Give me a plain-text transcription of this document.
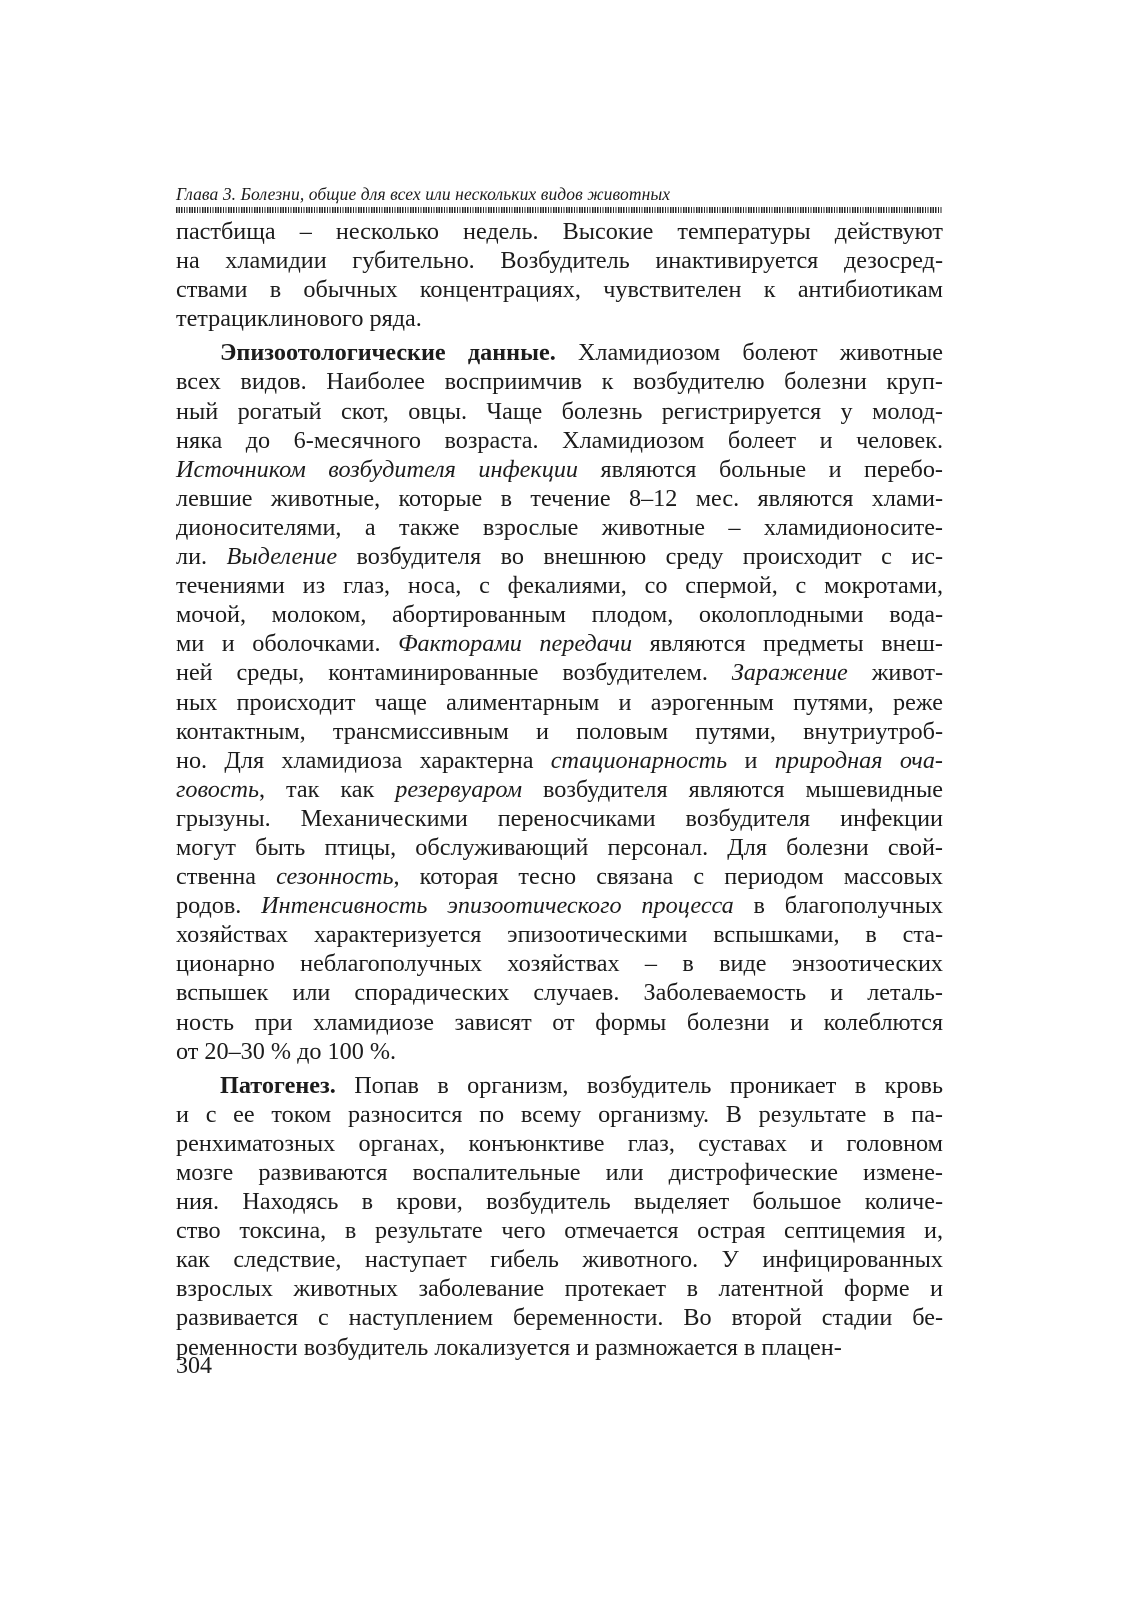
Глава 3. Болезни, общие для всех или нескольких видов животных

пастбища – несколько недель. Высокие температуры действуют

на хламидии губительно. Возбудитель инактивируется дезосред-

ствами в обычных концентрациях, чувствителен к антибиотикам

тетрациклинового ряда.

Эпизоотологические данные. Хламидиозом болеют животные

всех видов. Наиболее восприимчив к возбудителю болезни круп-

ный рогатый скот, овцы. Чаще болезнь регистрируется у молод-

няка до 6-месячного возраста. Хламидиозом болеет и человек.

Источником возбудителя инфекции являются больные и перебо-

левшие животные, которые в течение 8–12 мес. являются хлами-

дионосителями, а также взрослые животные – хламидионосите-

ли. Выделение возбудителя во внешнюю среду происходит с ис-

течениями из глаз, носа, с фекалиями, со спермой, с мокротами,

мочой, молоком, абортированным плодом, околоплодными вода-

ми и оболочками. Факторами передачи являются предметы внеш-

ней среды, контаминированные возбудителем. Заражение живот-

ных происходит чаще алиментарным и аэрогенным путями, реже

контактным, трансмиссивным и половым путями, внутриутроб-

но. Для хламидиоза характерна стационарность и природная оча-

говость, так как резервуаром возбудителя являются мышевидные

грызуны. Механическими переносчиками возбудителя инфекции

могут быть птицы, обслуживающий персонал. Для болезни свой-

ственна сезонность, которая тесно связана с периодом массовых

родов. Интенсивность эпизоотического процесса в благополучных

хозяйствах характеризуется эпизоотическими вспышками, в ста-

ционарно неблагополучных хозяйствах – в виде энзоотических

вспышек или спорадических случаев. Заболеваемость и леталь-

ность при хламидиозе зависят от формы болезни и колеблются

от 20–30 % до 100 %.

Патогенез. Попав в организм, возбудитель проникает в кровь

и с ее током разносится по всему организму. В результате в па-

ренхиматозных органах, конъюнктиве глаз, суставах и головном

мозге развиваются воспалительные или дистрофические измене-

ния. Находясь в крови, возбудитель выделяет большое количе-

ство токсина, в результате чего отмечается острая септицемия и,

как следствие, наступает гибель животного. У инфицированных

взрослых животных заболевание протекает в латентной форме и

развивается с наступлением беременности. Во второй стадии бе-

ременности возбудитель локализуется и размножается в плацен-

304
